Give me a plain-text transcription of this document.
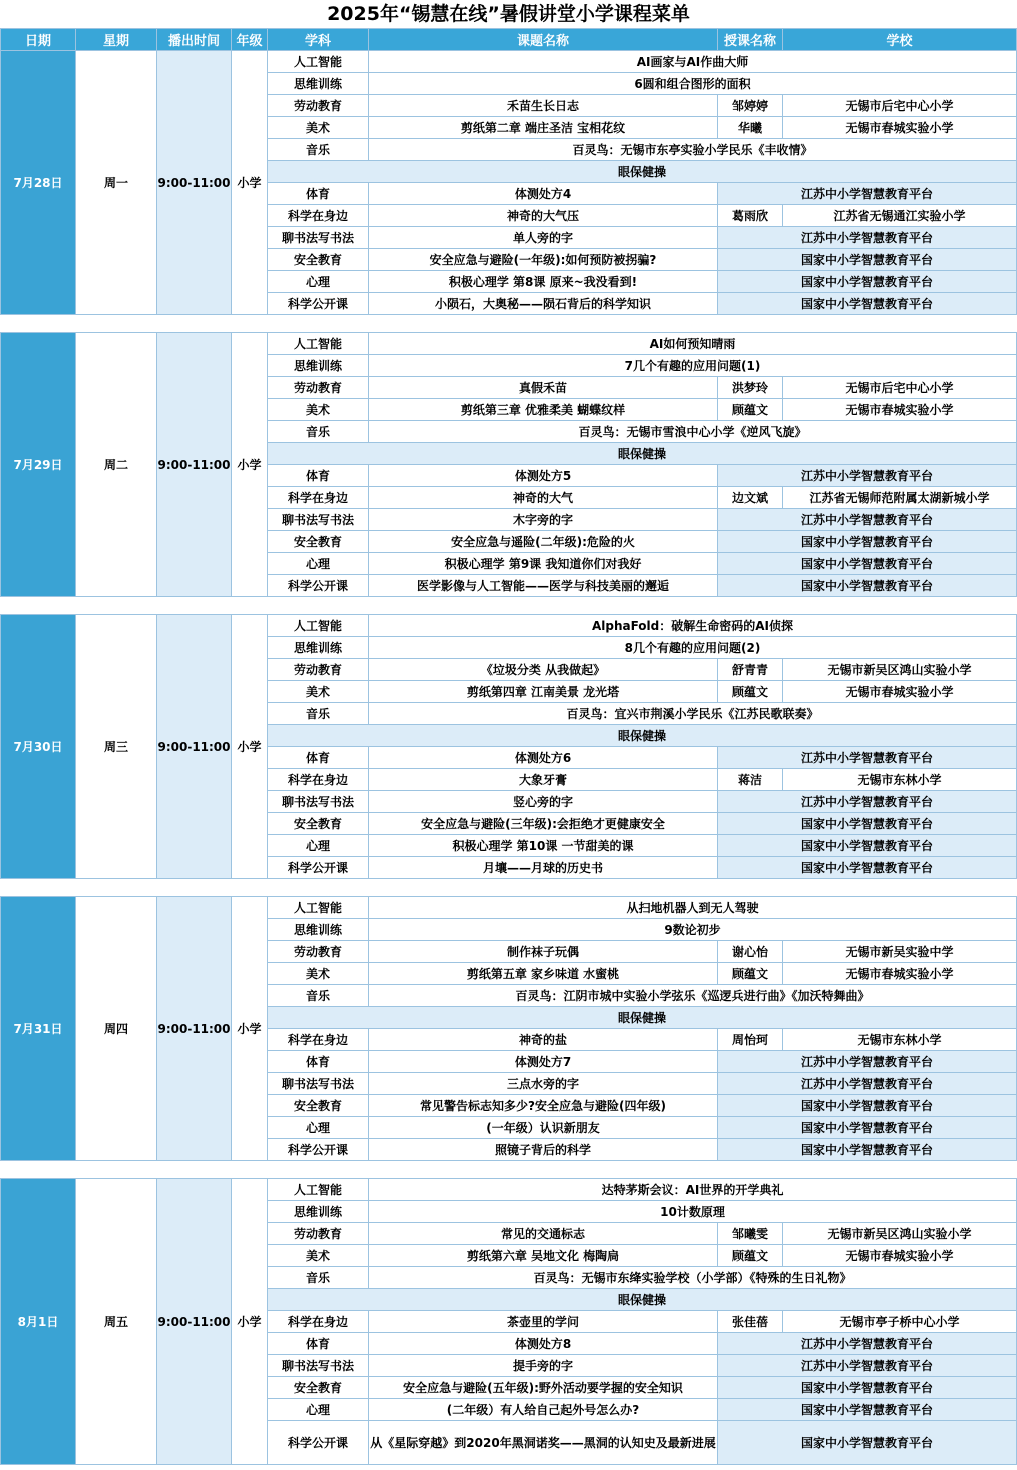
2025年“锡慧在线”暑假讲堂小学课程菜单
日期	星期	播出时间	年级	学科	课题名称	授课名称	学校
7月28日	周一	9:00-11:00	小学	人工智能	AI画家与AI作曲大师		
				思维训练	6圆和组合图形的面积		
				劳动教育	禾苗生长日志	邹婷婷	无锡市后宅中心小学
				美术	剪纸第二章 端庄圣洁 宝相花纹	华曦	无锡市春城实验小学
				音乐	百灵鸟：无锡市东亭实验小学民乐《丰收情》		
				眼保健操			
				体育	体测处方4	江苏中小学智慧教育平台	
				科学在身边	神奇的大气压	葛雨欣	江苏省无锡通江实验小学
				聊书法写书法	单人旁的字	江苏中小学智慧教育平台	
				安全教育	安全应急与避险(一年级):如何预防被拐骗?	国家中小学智慧教育平台	
				心理	积极心理学 第8课 原来~我没看到!	国家中小学智慧教育平台	
				科学公开课	小陨石，大奥秘——陨石背后的科学知识	国家中小学智慧教育平台	

7月29日	周二	9:00-11:00	小学	人工智能	AI如何预知晴雨		
				思维训练	7几个有趣的应用问题(1)		
				劳动教育	真假禾苗	洪梦玲	无锡市后宅中心小学
				美术	剪纸第三章 优雅柔美 蝴蝶纹样	顾蕴文	无锡市春城实验小学
				音乐	百灵鸟：无锡市雪浪中心小学《逆风飞旋》		
				眼保健操			
				体育	体测处方5	江苏中小学智慧教育平台	
				科学在身边	神奇的大气	边文斌	江苏省无锡师范附属太湖新城小学
				聊书法写书法	木字旁的字	江苏中小学智慧教育平台	
				安全教育	安全应急与遥险(二年级):危险的火	国家中小学智慧教育平台	
				心理	积极心理学 第9课 我知道你们对我好	国家中小学智慧教育平台	
				科学公开课	医学影像与人工智能——医学与科技美丽的邂逅	国家中小学智慧教育平台	

7月30日	周三	9:00-11:00	小学	人工智能	AlphaFold：破解生命密码的AI侦探		
				思维训练	8几个有趣的应用问题(2)		
				劳动教育	《垃圾分类 从我做起》	舒青青	无锡市新吴区鸿山实验小学
				美术	剪纸第四章 江南美景 龙光塔	顾蕴文	无锡市春城实验小学
				音乐	百灵鸟：宜兴市荆溪小学民乐《江苏民歌联奏》		
				眼保健操			
				体育	体测处方6	江苏中小学智慧教育平台	
				科学在身边	大象牙膏	蒋洁	无锡市东林小学
				聊书法写书法	竖心旁的字	江苏中小学智慧教育平台	
				安全教育	安全应急与避险(三年级):会拒绝才更健康安全	国家中小学智慧教育平台	
				心理	积极心理学 第10课 一节甜美的课	国家中小学智慧教育平台	
				科学公开课	月壤——月球的历史书	国家中小学智慧教育平台	

7月31日	周四	9:00-11:00	小学	人工智能	从扫地机器人到无人驾驶		
				思维训练	9数论初步		
				劳动教育	制作袜子玩偶	谢心怡	无锡市新吴实验中学
				美术	剪纸第五章 家乡味道 水蜜桃	顾蕴文	无锡市春城实验小学
				音乐	百灵鸟：江阴市城中实验小学弦乐《巡逻兵进行曲》《加沃特舞曲》		
				眼保健操			
				科学在身边	神奇的盐	周怡珂	无锡市东林小学
				体育	体测处方7	江苏中小学智慧教育平台	
				聊书法写书法	三点水旁的字	江苏中小学智慧教育平台	
				安全教育	常见警告标志知多少?安全应急与避险(四年级)	国家中小学智慧教育平台	
				心理	(一年级）认识新朋友	国家中小学智慧教育平台	
				科学公开课	照镜子背后的科学	国家中小学智慧教育平台	

8月1日	周五	9:00-11:00	小学	人工智能	达特茅斯会议：AI世界的开学典礼		
				思维训练	10计数原理		
				劳动教育	常见的交通标志	邹曦雯	无锡市新吴区鸿山实验小学
				美术	剪纸第六章 吴地文化 梅陶扃	顾蕴文	无锡市春城实验小学
				音乐	百灵鸟：无锡市东绛实验学校（小学部）《特殊的生日礼物》		
				眼保健操			
				科学在身边	茶壶里的学问	张佳蓓	无锡市亭子桥中心小学
				体育	体测处方8	江苏中小学智慧教育平台	
				聊书法写书法	提手旁的字	江苏中小学智慧教育平台	
				安全教育	安全应急与避险(五年级):野外活动要学握的安全知识	国家中小学智慧教育平台	
				心理	(二年级）有人给自己起外号怎么办?	国家中小学智慧教育平台	
				科学公开课	从《星际穿越》到2020年黑洞诺奖——黑洞的认知史及最新进展	国家中小学智慧教育平台	
